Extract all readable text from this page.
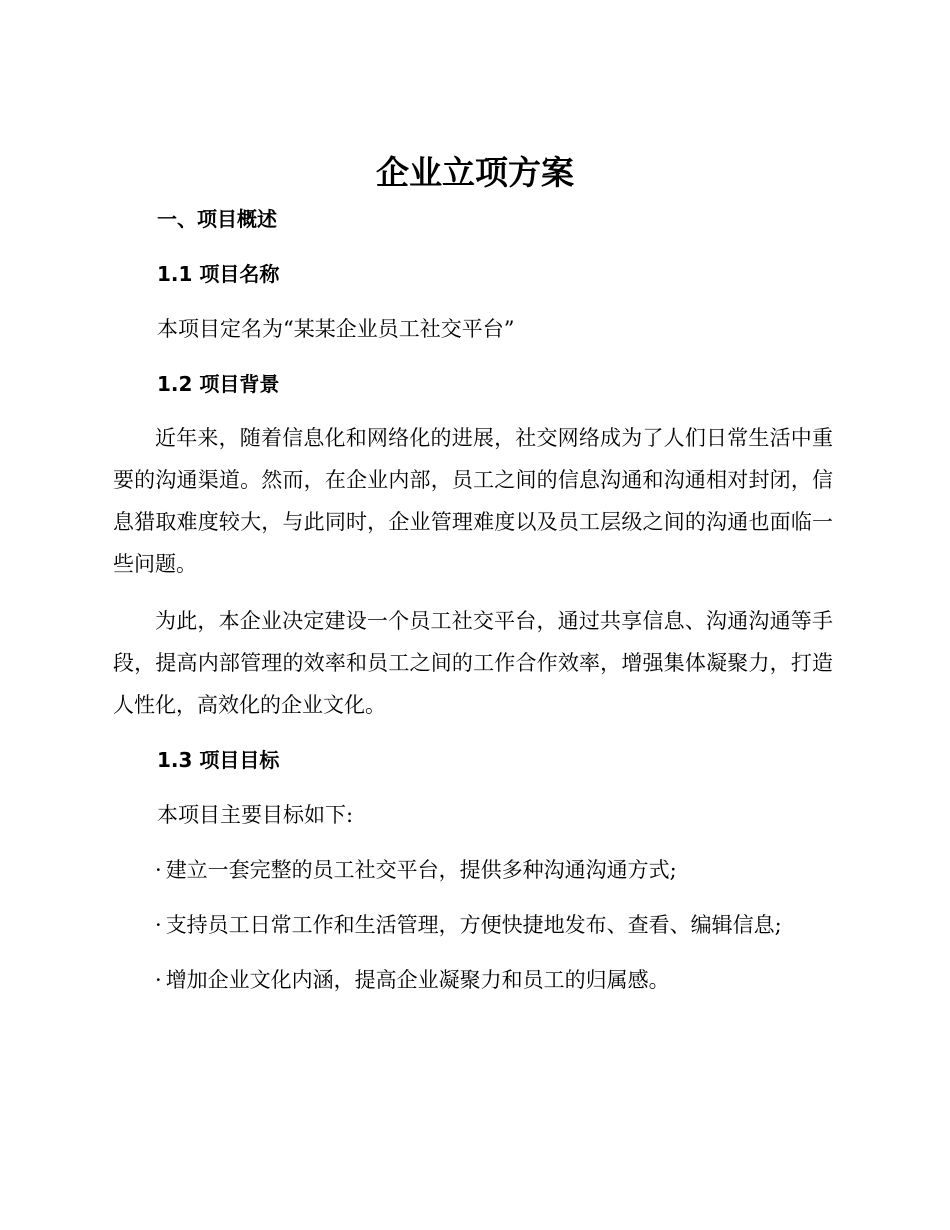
企业立项方案
一、项目概述
1.1 项目名称

本项目定名为“某某企业员工社交平台”

1.2 项目背景

近年来，随着信息化和网络化的进展，社交网络成为了人们日常生活中重要的沟通渠道。然而，在企业内部，员工之间的信息沟通和沟通相对封闭，信息猎取难度较大，与此同时，企业管理难度以及员工层级之间的沟通也面临一些问题。

为此，本企业决定建设一个员工社交平台，通过共享信息、沟通沟通等手段，提高内部管理的效率和员工之间的工作合作效率，增强集体凝聚力，打造人性化，高效化的企业文化。

1.3 项目目标

本项目主要目标如下:

· 建立一套完整的员工社交平台，提供多种沟通沟通方式;
· 支持员工日常工作和生活管理，方便快捷地发布、查看、编辑信息;
· 增加企业文化内涵，提高企业凝聚力和员工的归属感。
